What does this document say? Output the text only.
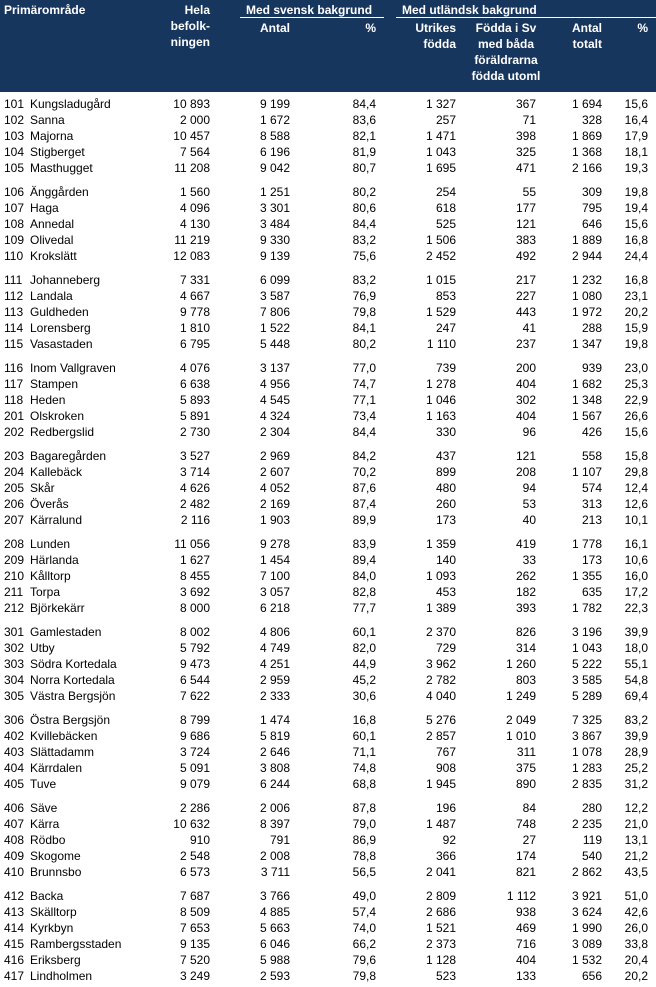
Primärområde	Hela
befolk-
ningen
Med svensk bakgrund
Antal	%
Med utländsk bakgrund
Utrikes
födda
Födda i Sv
med båda
föräldrarna
födda utoml
Antal
totalt
%
101 Kungsladugård	10 893	9 199	84,4	1 327	367	1 694	15,6
102 Sanna	2 000	1 672	83,6	257	71	328	16,4
103 Majorna	10 457	8 588	82,1	1 471	398	1 869	17,9
104 Stigberget	7 564	6 196	81,9	1 043	325	1 368	18,1
105 Masthugget	11 208	9 042	80,7	1 695	471	2 166	19,3
106 Änggården	1 560	1 251	80,2	254	55	309	19,8
107 Haga	4 096	3 301	80,6	618	177	795	19,4
108 Annedal	4 130	3 484	84,4	525	121	646	15,6
109 Olivedal	11 219	9 330	83,2	1 506	383	1 889	16,8
110 Krokslätt	12 083	9 139	75,6	2 452	492	2 944	24,4
111 Johanneberg	7 331	6 099	83,2	1 015	217	1 232	16,8
112 Landala	4 667	3 587	76,9	853	227	1 080	23,1
113 Guldheden	9 778	7 806	79,8	1 529	443	1 972	20,2
114 Lorensberg	1 810	1 522	84,1	247	41	288	15,9
115 Vasastaden	6 795	5 448	80,2	1 110	237	1 347	19,8
116 Inom Vallgraven	4 076	3 137	77,0	739	200	939	23,0
117 Stampen	6 638	4 956	74,7	1 278	404	1 682	25,3
118 Heden	5 893	4 545	77,1	1 046	302	1 348	22,9
201 Olskroken	5 891	4 324	73,4	1 163	404	1 567	26,6
202 Redbergslid	2 730	2 304	84,4	330	96	426	15,6
203 Bagaregården	3 527	2 969	84,2	437	121	558	15,8
204 Kallebäck	3 714	2 607	70,2	899	208	1 107	29,8
205 Skår	4 626	4 052	87,6	480	94	574	12,4
206 Överås	2 482	2 169	87,4	260	53	313	12,6
207 Kärralund	2 116	1 903	89,9	173	40	213	10,1
208 Lunden	11 056	9 278	83,9	1 359	419	1 778	16,1
209 Härlanda	1 627	1 454	89,4	140	33	173	10,6
210 Kålltorp	8 455	7 100	84,0	1 093	262	1 355	16,0
211 Torpa	3 692	3 057	82,8	453	182	635	17,2
212 Björkekärr	8 000	6 218	77,7	1 389	393	1 782	22,3
301 Gamlestaden	8 002	4 806	60,1	2 370	826	3 196	39,9
302 Utby	5 792	4 749	82,0	729	314	1 043	18,0
303 Södra Kortedala	9 473	4 251	44,9	3 962	1 260	5 222	55,1
304 Norra Kortedala	6 544	2 959	45,2	2 782	803	3 585	54,8
305 Västra Bergsjön	7 622	2 333	30,6	4 040	1 249	5 289	69,4
306 Östra Bergsjön	8 799	1 474	16,8	5 276	2 049	7 325	83,2
402 Kvillebäcken	9 686	5 819	60,1	2 857	1 010	3 867	39,9
403 Slättadamm	3 724	2 646	71,1	767	311	1 078	28,9
404 Kärrdalen	5 091	3 808	74,8	908	375	1 283	25,2
405 Tuve	9 079	6 244	68,8	1 945	890	2 835	31,2
406 Säve	2 286	2 006	87,8	196	84	280	12,2
407 Kärra	10 632	8 397	79,0	1 487	748	2 235	21,0
408 Rödbo	910	791	86,9	92	27	119	13,1
409 Skogome	2 548	2 008	78,8	366	174	540	21,2
410 Brunnsbo	6 573	3 711	56,5	2 041	821	2 862	43,5
412 Backa	7 687	3 766	49,0	2 809	1 112	3 921	51,0
413 Skälltorp	8 509	4 885	57,4	2 686	938	3 624	42,6
414 Kyrkbyn	7 653	5 663	74,0	1 521	469	1 990	26,0
415 Rambergsstaden	9 135	6 046	66,2	2 373	716	3 089	33,8
416 Eriksberg	7 520	5 988	79,6	1 128	404	1 532	20,4
417 Lindholmen	3 249	2 593	79,8	523	133	656	20,2
